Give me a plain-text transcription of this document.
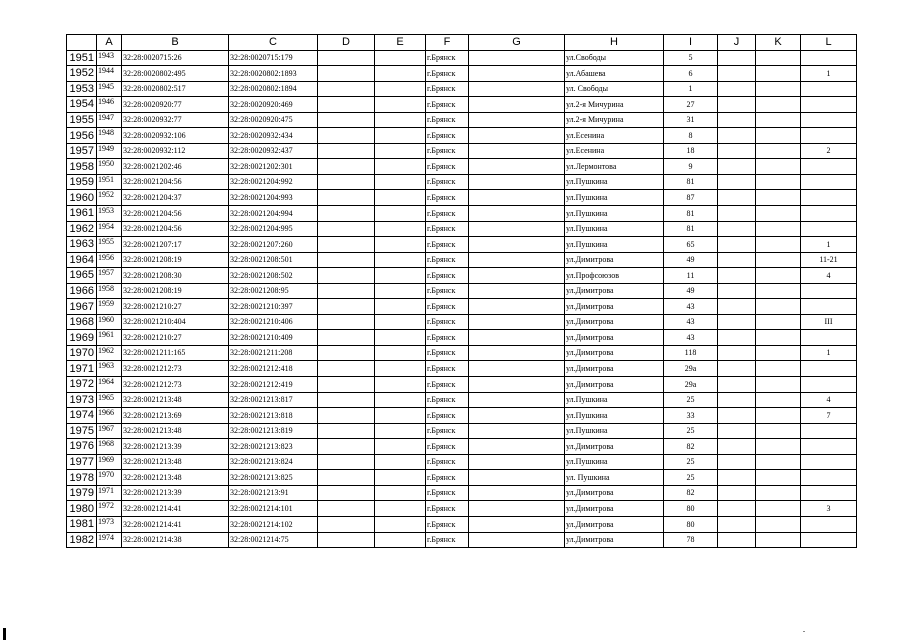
	A	B	C	D	E	F	G	H	I	J	K	L
1951	1943	32:28:0020715:26	32:28:0020715:179			г.Брянск		ул.Свободы	5			
1952	1944	32:28:0020802:495	32:28:0020802:1893			г.Брянск		ул.Абашева	6			1
1953	1945	32:28:0020802:517	32:28:0020802:1894			г.Брянск		ул. Свободы	1			
1954	1946	32:28:0020920:77	32:28:0020920:469			г.Брянск		ул.2-я Мичурина	27			
1955	1947	32:28:0020932:77	32:28:0020920:475			г.Брянск		ул.2-я Мичурина	31			
1956	1948	32:28:0020932:106	32:28:0020932:434			г.Брянск		ул.Есенина	8			
1957	1949	32:28:0020932:112	32:28:0020932:437			г.Брянск		ул.Есенина	18			2
1958	1950	32:28:0021202:46	32:28:0021202:301			г.Брянск		ул.Лермонтова	9			
1959	1951	32:28:0021204:56	32:28:0021204:992			г.Брянск		ул.Пушкина	81			
1960	1952	32:28:0021204:37	32:28:0021204:993			г.Брянск		ул.Пушкина	87			
1961	1953	32:28:0021204:56	32:28:0021204:994			г.Брянск		ул.Пушкина	81			
1962	1954	32:28:0021204:56	32:28:0021204:995			г.Брянск		ул.Пушкина	81			
1963	1955	32:28:0021207:17	32:28:0021207:260			г.Брянск		ул.Пушкина	65			1
1964	1956	32:28:0021208:19	32:28:0021208:501			г.Брянск		ул.Димитрова	49			11-21
1965	1957	32:28:0021208:30	32:28:0021208:502			г.Брянск		ул.Профсоюзов	11			4
1966	1958	32:28:0021208:19	32:28:0021208:95			г.Брянск		ул.Димитрова	49			
1967	1959	32:28:0021210:27	32:28:0021210:397			г.Брянск		ул.Димитрова	43			
1968	1960	32:28:0021210:404	32:28:0021210:406			г.Брянск		ул.Димитрова	43			III
1969	1961	32:28:0021210:27	32:28:0021210:409			г.Брянск		ул.Димитрова	43			
1970	1962	32:28:0021211:165	32:28:0021211:208			г.Брянск		ул.Димитрова	118			1
1971	1963	32:28:0021212:73	32:28:0021212:418			г.Брянск		ул.Димитрова	29а			
1972	1964	32:28:0021212:73	32:28:0021212:419			г.Брянск		ул.Димитрова	29а			
1973	1965	32:28:0021213:48	32:28:0021213:817			г.Брянск		ул.Пушкина	25			4
1974	1966	32:28:0021213:69	32:28:0021213:818			г.Брянск		ул.Пушкина	33			7
1975	1967	32:28:0021213:48	32:28:0021213:819			г.Брянск		ул.Пушкина	25			
1976	1968	32:28:0021213:39	32:28:0021213:823			г.Брянск		ул.Димитрова	82			
1977	1969	32:28:0021213:48	32:28:0021213:824			г.Брянск		ул.Пушкина	25			
1978	1970	32:28:0021213:48	32:28:0021213:825			г.Брянск		ул. Пушкина	25			
1979	1971	32:28:0021213:39	32:28:0021213:91			г.Брянск		ул.Димитрова	82			
1980	1972	32:28:0021214:41	32:28:0021214:101			г.Брянск		ул.Димитрова	80			3
1981	1973	32:28:0021214:41	32:28:0021214:102			г.Брянск		ул.Димитрова	80			
1982	1974	32:28:0021214:38	32:28:0021214:75			г.Брянск		ул.Димитрова	78			
